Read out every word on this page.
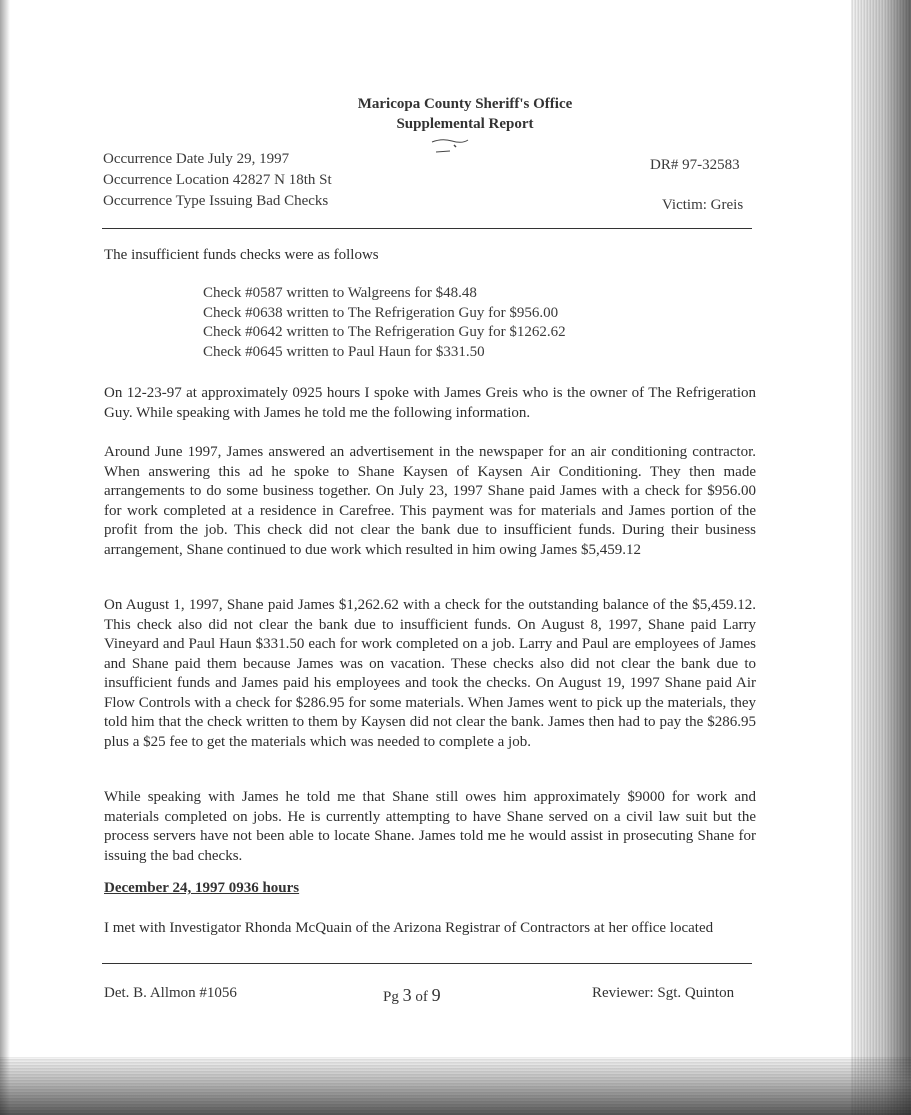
Maricopa County Sheriff's Office
Supplemental Report
Occurrence Date July 29, 1997
Occurrence Location 42827 N 18th St
Occurrence Type Issuing Bad Checks
DR# 97-32583
Victim: Greis

The insufficient funds checks were as follows

Check #0587 written to Walgreens for $48.48
Check #0638 written to The Refrigeration Guy for $956.00
Check #0642 written to The Refrigeration Guy for $1262.62
Check #0645 written to Paul Haun for $331.50

On 12-23-97 at approximately 0925 hours I spoke with James Greis who is the owner of The Refrigeration Guy. While speaking with James he told me the following information.

Around June 1997, James answered an advertisement in the newspaper for an air conditioning contractor. When answering this ad he spoke to Shane Kaysen of Kaysen Air Conditioning. They then made arrangements to do some business together. On July 23, 1997 Shane paid James with a check for $956.00 for work completed at a residence in Carefree. This payment was for materials and James portion of the profit from the job. This check did not clear the bank due to insufficient funds. During their business arrangement, Shane continued to due work which resulted in him owing James $5,459.12

On August 1, 1997, Shane paid James $1,262.62 with a check for the outstanding balance of the $5,459.12. This check also did not clear the bank due to insufficient funds. On August 8, 1997, Shane paid Larry Vineyard and Paul Haun $331.50 each for work completed on a job. Larry and Paul are employees of James and Shane paid them because James was on vacation. These checks also did not clear the bank due to insufficient funds and James paid his employees and took the checks. On August 19, 1997 Shane paid Air Flow Controls with a check for $286.95 for some materials. When James went to pick up the materials, they told him that the check written to them by Kaysen did not clear the bank. James then had to pay the $286.95 plus a $25 fee to get the materials which was needed to complete a job.

While speaking with James he told me that Shane still owes him approximately $9000 for work and materials completed on jobs. He is currently attempting to have Shane served on a civil law suit but the process servers have not been able to locate Shane. James told me he would assist in prosecuting Shane for issuing the bad checks.

December 24, 1997 0936 hours

I met with Investigator Rhonda McQuain of the Arizona Registrar of Contractors at her office located

Det. B. Allmon #1056	Pg 3 of 9	Reviewer: Sgt. Quinton
